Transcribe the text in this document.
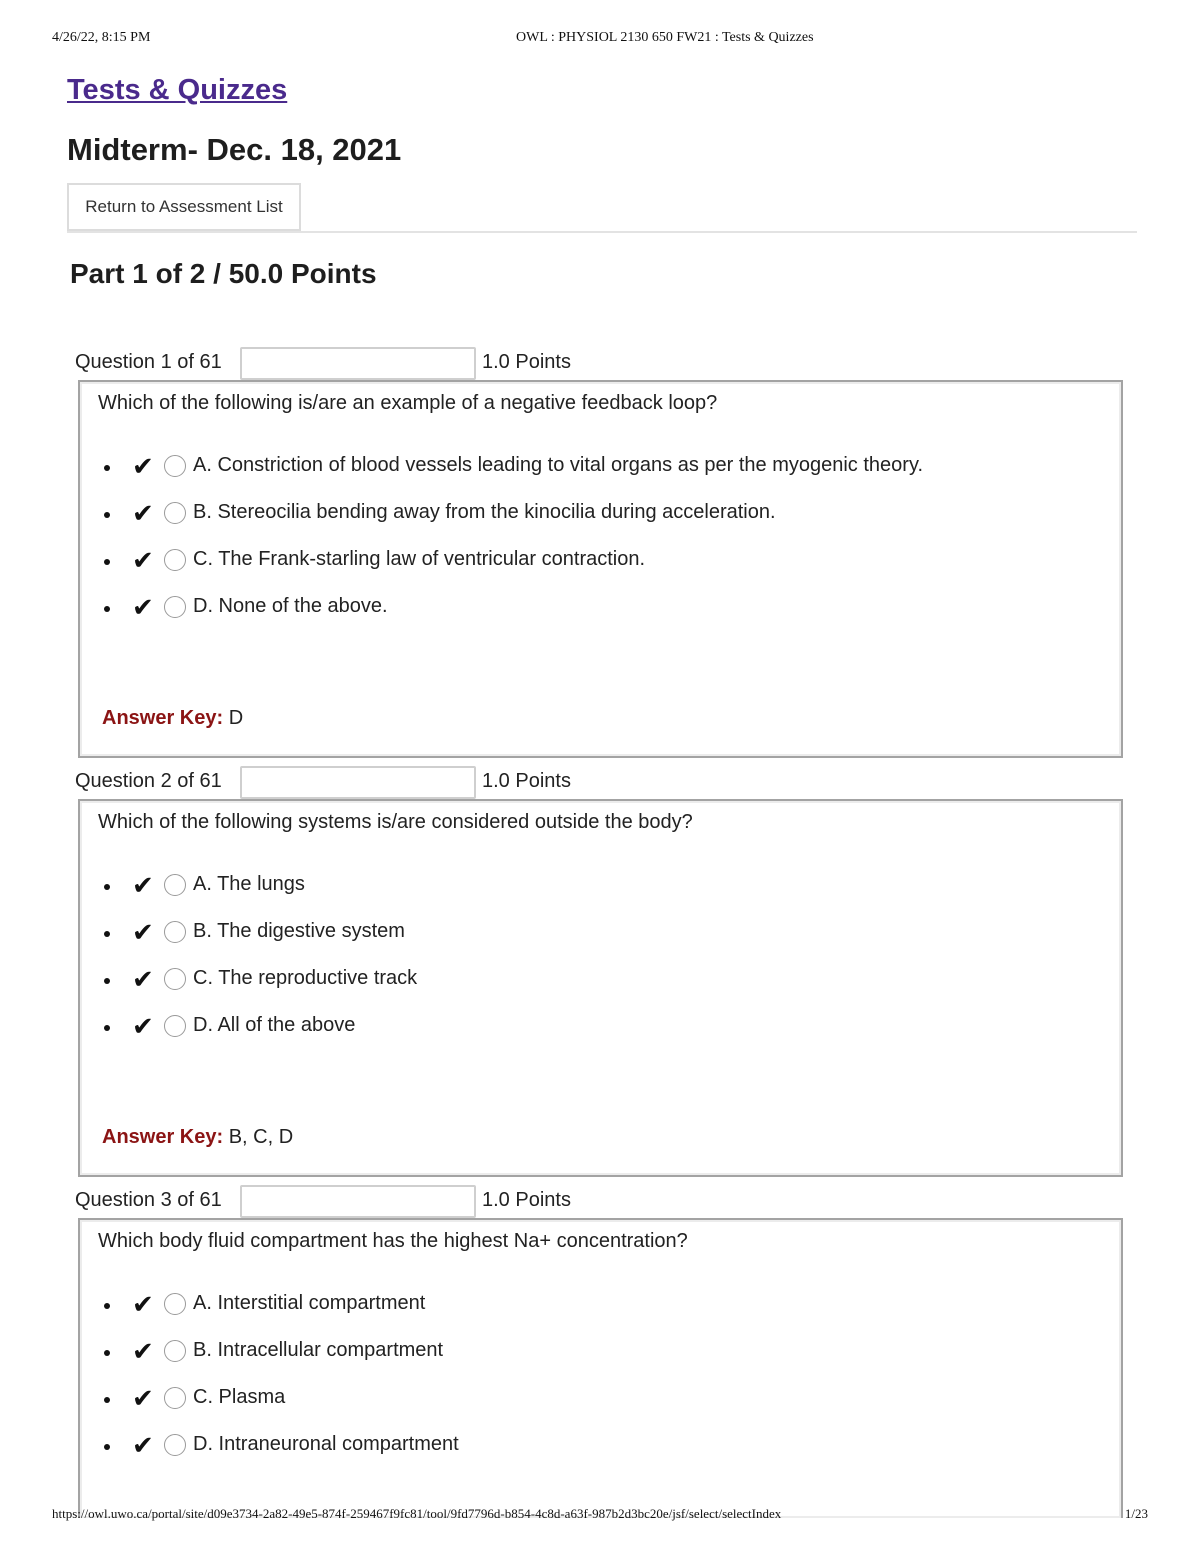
4/26/22, 8:15 PM	OWL : PHYSIOL 2130 650 FW21 : Tests & Quizzes
Tests & Quizzes
Midterm- Dec. 18, 2021
Return to Assessment List
Part 1 of 2 / 50.0 Points
Question 1 of 61	1.0 Points
Which of the following is/are an example of a negative feedback loop?
✔ A. Constriction of blood vessels leading to vital organs as per the myogenic theory.
✔ B. Stereocilia bending away from the kinocilia during acceleration.
✔ C. The Frank-starling law of ventricular contraction.
✔ D. None of the above.
Answer Key: D
Question 2 of 61	1.0 Points
Which of the following systems is/are considered outside the body?
✔ A. The lungs
✔ B. The digestive system
✔ C. The reproductive track
✔ D. All of the above
Answer Key: B, C, D
Question 3 of 61	1.0 Points
Which body fluid compartment has the highest Na+ concentration?
✔ A. Interstitial compartment
✔ B. Intracellular compartment
✔ C. Plasma
✔ D. Intraneuronal compartment
https://owl.uwo.ca/portal/site/d09e3734-2a82-49e5-874f-259467f9fc81/tool/9fd7796d-b854-4c8d-a63f-987b2d3bc20e/jsf/select/selectIndex	1/23
